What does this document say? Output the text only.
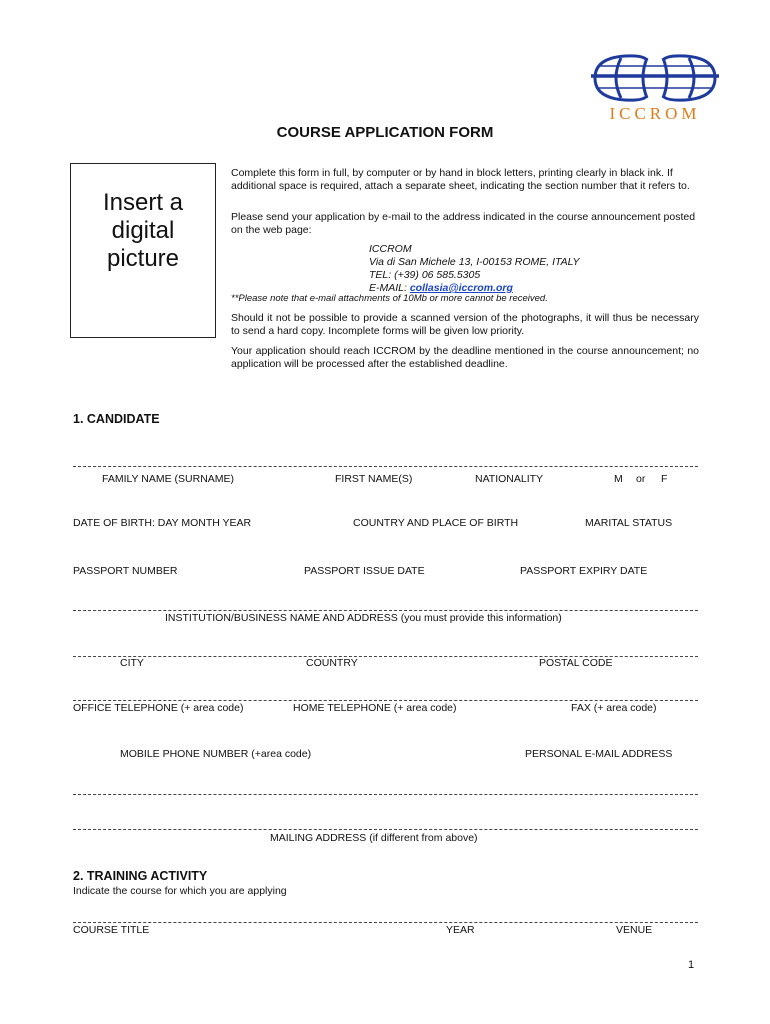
ICCROM
COURSE APPLICATION FORM
Insert a
digital
picture
Complete this form in full, by computer or by hand in block letters, printing clearly in black ink. If additional space is required, attach a separate sheet, indicating the section number that it refers to.
Please send your application by e-mail to the address indicated in the course announcement posted on the web page:
ICCROM
Via di San Michele 13, I-00153 ROME, ITALY
TEL: (+39) 06 585.5305
E-MAIL: collasia@iccrom.org
**Please note that e-mail attachments of 10Mb or more cannot be received.
Should it not be possible to provide a scanned version of the photographs, it will thus be necessary to send a hard copy. Incomplete forms will be given low priority.
Your application should reach ICCROM by the deadline mentioned in the course announcement; no application will be processed after the established deadline.
1. CANDIDATE
FAMILY NAME (SURNAME)	FIRST NAME(S)	NATIONALITY	M or F
DATE OF BIRTH: DAY MONTH YEAR	COUNTRY AND PLACE OF BIRTH	MARITAL STATUS
PASSPORT NUMBER	PASSPORT ISSUE DATE	PASSPORT EXPIRY DATE
INSTITUTION/BUSINESS NAME AND ADDRESS (you must provide this information)
CITY	COUNTRY	POSTAL CODE
OFFICE TELEPHONE (+ area code)	HOME TELEPHONE (+ area code)	FAX (+ area code)
MOBILE PHONE NUMBER (+area code)	PERSONAL E-MAIL ADDRESS
MAILING ADDRESS (if different from above)
2. TRAINING ACTIVITY
Indicate the course for which you are applying
COURSE TITLE	YEAR	VENUE
1
